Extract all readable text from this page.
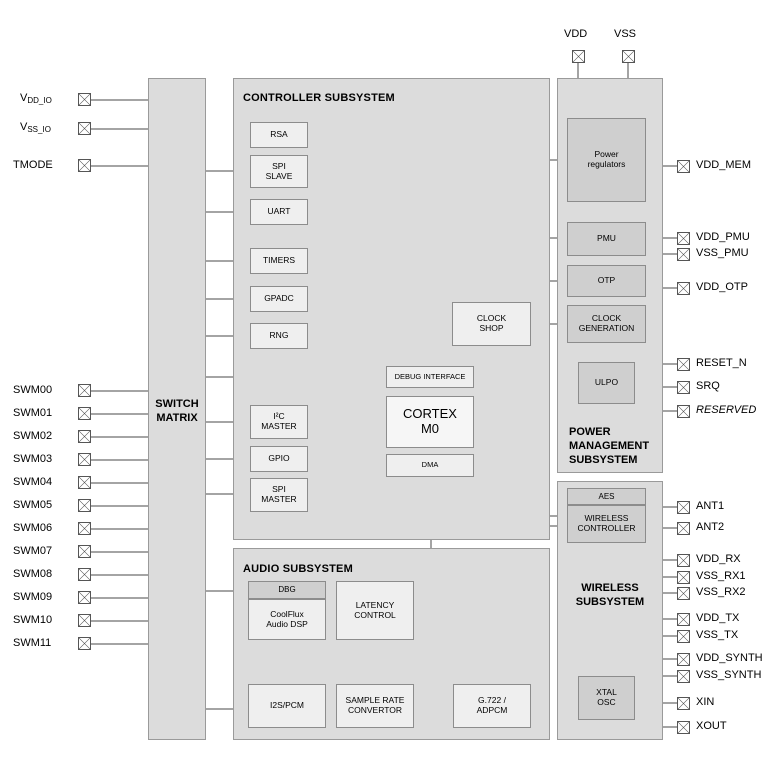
VDD VSS
VDD_IO
VSS_IO
TMODE
SWM00
SWM01
SWM02
SWM03
SWM04
SWM05
SWM06
SWM07
SWM08
SWM09
SWM10
SWM11
SWITCH
MATRIX
CONTROLLER SUBSYSTEM
RSA
SPI
SLAVE
UART
TIMERS
GPADC
RNG
CLOCK
SHOP
DEBUG INTERFACE
I²C
MASTER
GPIO
SPI
MASTER
CORTEX
M0
DMA
AUDIO SUBSYSTEM
DBG
CoolFlux
Audio DSP
LATENCY
CONTROL
I2S/PCM	SAMPLE RATE
CONVERTOR
G.722 /
ADPCM
Power
regulators
PMU
OTP
CLOCK
GENERATION
ULPO
POWER
MANAGEMENT
SUBSYSTEM
AES
WIRELESS
CONTROLLER
WIRELESS
SUBSYSTEM
XTAL
OSC
VDD_MEM
VDD_PMU
VSS_PMU
VDD_OTP
RESET_N
SRQ
RESERVED
ANT1
ANT2
VDD_RX
VSS_RX1
VSS_RX2
VDD_TX
VSS_TX
VDD_SYNTH
VSS_SYNTH
XIN
XOUT
